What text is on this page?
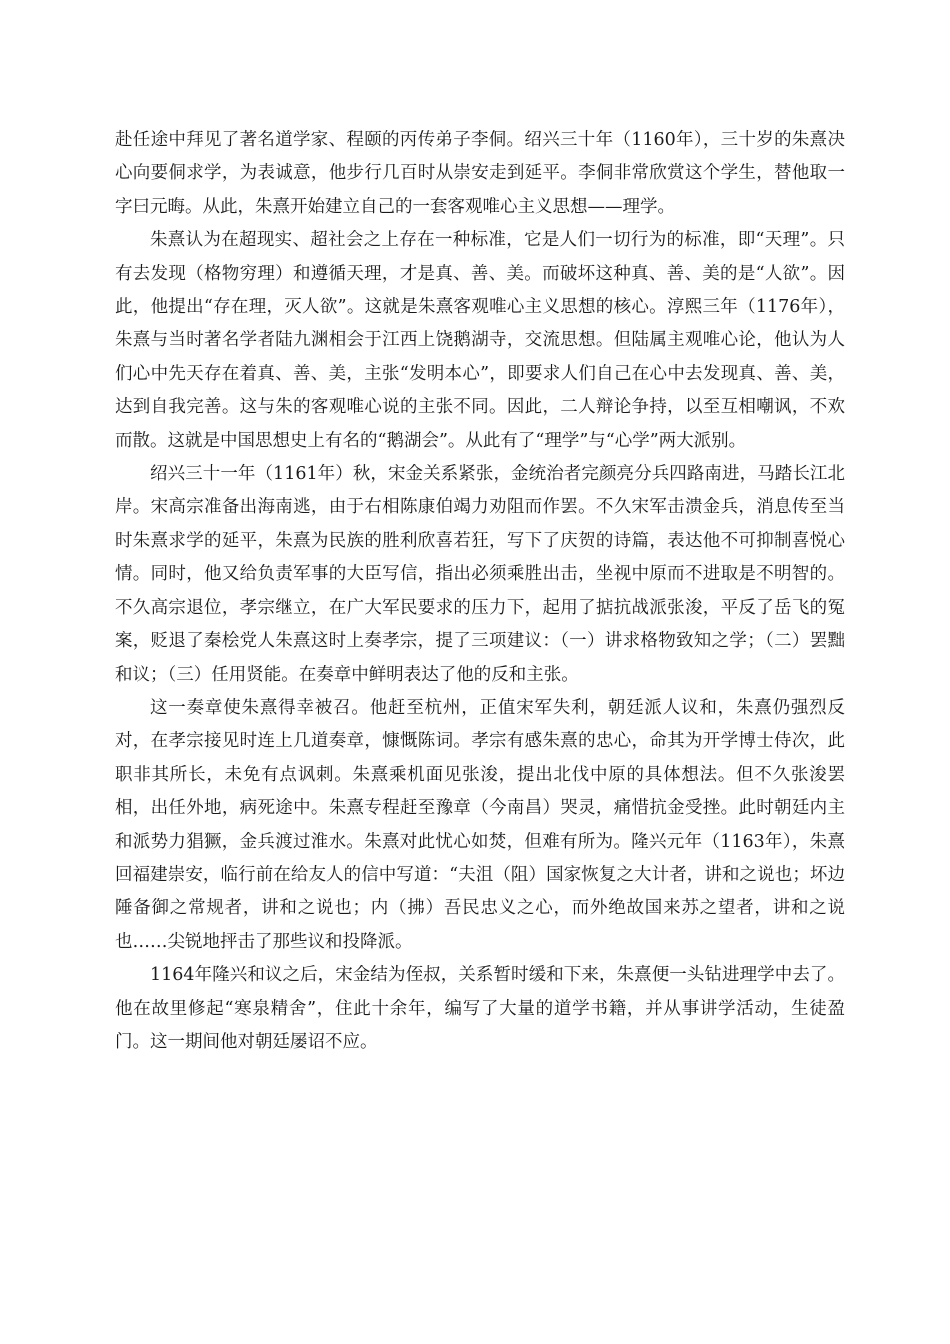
赴任途中拜见了著名道学家、程颐的丙传弟子李侗。绍兴三十年（1160年），三十岁的朱熹决心向要侗求学，为表诚意，他步行几百时从崇安走到延平。李侗非常欣赏这个学生，替他取一字曰元晦。从此，朱熹开始建立自己的一套客观唯心主义思想——理学。

朱熹认为在超现实、超社会之上存在一种标准，它是人们一切行为的标准，即“天理”。只有去发现（格物穷理）和遵循天理，才是真、善、美。而破坏这种真、善、美的是“人欲”。因此，他提出“存在理，灭人欲”。这就是朱熹客观唯心主义思想的核心。淳熙三年（1176年），朱熹与当时著名学者陆九渊相会于江西上饶鹅湖寺，交流思想。但陆属主观唯心论，他认为人们心中先天存在着真、善、美，主张“发明本心”，即要求人们自己在心中去发现真、善、美，达到自我完善。这与朱的客观唯心说的主张不同。因此，二人辩论争持，以至互相嘲讽，不欢而散。这就是中国思想史上有名的“鹅湖会”。从此有了“理学”与“心学”两大派别。

绍兴三十一年（1161年）秋，宋金关系紧张，金统治者完颜亮分兵四路南进，马踏长江北岸。宋高宗准备出海南逃，由于右相陈康伯竭力劝阻而作罢。不久宋军击溃金兵，消息传至当时朱熹求学的延平，朱熹为民族的胜利欣喜若狂，写下了庆贺的诗篇，表达他不可抑制喜悦心情。同时，他又给负责军事的大臣写信，指出必须乘胜出击，坐视中原而不进取是不明智的。不久高宗退位，孝宗继立，在广大军民要求的压力下，起用了掂抗战派张浚，平反了岳飞的冤案，贬退了秦桧党人朱熹这时上奏孝宗，提了三项建议：（一）讲求格物致知之学；（二）罢黜和议；（三）任用贤能。在奏章中鲜明表达了他的反和主张。

这一奏章使朱熹得幸被召。他赶至杭州，正值宋军失利，朝廷派人议和，朱熹仍强烈反对，在孝宗接见时连上几道奏章，慷慨陈词。孝宗有感朱熹的忠心，命其为开学博士侍次，此职非其所长，未免有点讽刺。朱熹乘机面见张浚，提出北伐中原的具体想法。但不久张浚罢相，出任外地，病死途中。朱熹专程赶至豫章（今南昌）哭灵，痛惜抗金受挫。此时朝廷内主和派势力猖獗，金兵渡过淮水。朱熹对此忧心如焚，但难有所为。隆兴元年（1163年），朱熹回福建崇安，临行前在给友人的信中写道：“夫沮（阻）国家恢复之大计者，讲和之说也；坏边陲备御之常规者，讲和之说也；内（拂）吾民忠义之心，而外绝故国来苏之望者，讲和之说也……尖锐地抨击了那些议和投降派。

1164年隆兴和议之后，宋金结为侄叔，关系暂时缓和下来，朱熹便一头钻进理学中去了。他在故里修起“寒泉精舍”，住此十余年，编写了大量的道学书籍，并从事讲学活动，生徒盈门。这一期间他对朝廷屡诏不应。
